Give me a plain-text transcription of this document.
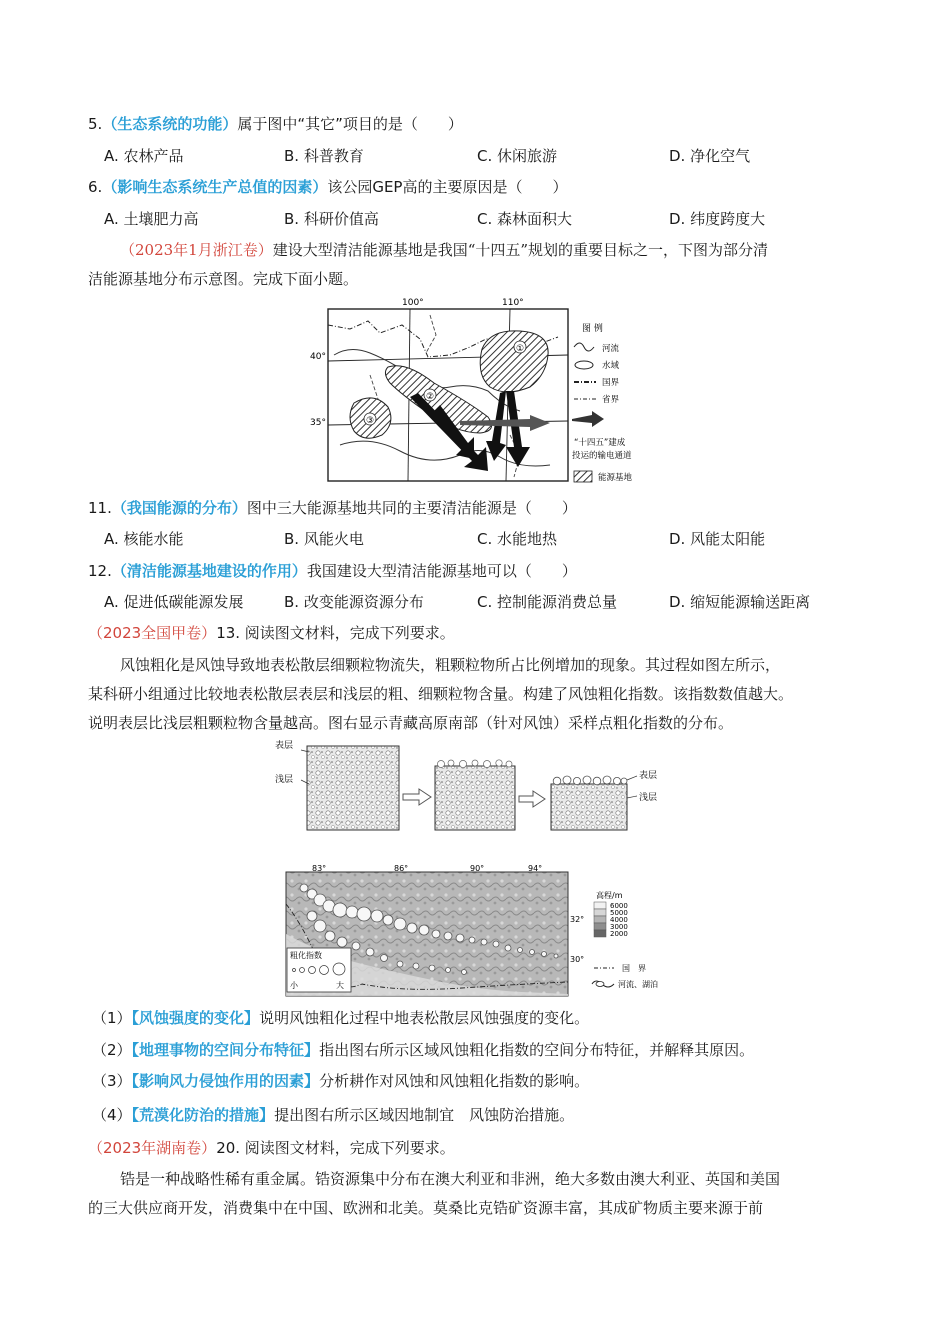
5.（生态系统的功能）属于图中“其它”项目的是（　　）
A. 农林产品	B. 科普教育	C. 休闲旅游	D. 净化空气
6.（影响生态系统生产总值的因素）该公园GEP高的主要原因是（　　）
A. 土壤肥力高	B. 科研价值高	C. 森林面积大	D. 纬度跨度大
（2023年1月浙江卷）建设大型清洁能源基地是我国“十四五”规划的重要目标之一，下图为部分清
洁能源基地分布示意图。完成下面小题。
①
②
③
100°	110°
40°
35°
图 例
河流
水域
国界
省界
“十四五”建成
投运的输电通道
能源基地
11.（我国能源的分布）图中三大能源基地共同的主要清洁能源是（　　）
A. 核能水能	B. 风能火电	C. 水能地热	D. 风能太阳能
12.（清洁能源基地建设的作用）我国建设大型清洁能源基地可以（　　）
A. 促进低碳能源发展	B. 改变能源资源分布	C. 控制能源消费总量	D. 缩短能源输送距离
（2023全国甲卷）13. 阅读图文材料，完成下列要求。
风蚀粗化是风蚀导致地表松散层细颗粒物流失，粗颗粒物所占比例增加的现象。其过程如图左所示，
某科研小组通过比较地表松散层表层和浅层的粗、细颗粒物含量。构建了风蚀粗化指数。该指数数值越大。
说明表层比浅层粗颗粒物含量越高。图右显示青藏高原南部（针对风蚀）采样点粗化指数的分布。
表层
浅层	表层
浅层
83°	86°	90°	94°
32°
30°
粗化指数
小	大
高程/m
6000
5000
4000
3000
2000
国　界
河流、湖泊
（1）【风蚀强度的变化】说明风蚀粗化过程中地表松散层风蚀强度的变化。
（2）【地理事物的空间分布特征】指出图右所示区域风蚀粗化指数的空间分布特征，并解释其原因。
（3）【影响风力侵蚀作用的因素】分析耕作对风蚀和风蚀粗化指数的影响。
（4）【荒漠化防治的措施】提出图右所示区域因地制宜　风蚀防治措施。
（2023年湖南卷）20. 阅读图文材料，完成下列要求。
锆是一种战略性稀有重金属。锆资源集中分布在澳大利亚和非洲，绝大多数由澳大利亚、英国和美国
的三大供应商开发，消费集中在中国、欧洲和北美。莫桑比克锆矿资源丰富，其成矿物质主要来源于前
